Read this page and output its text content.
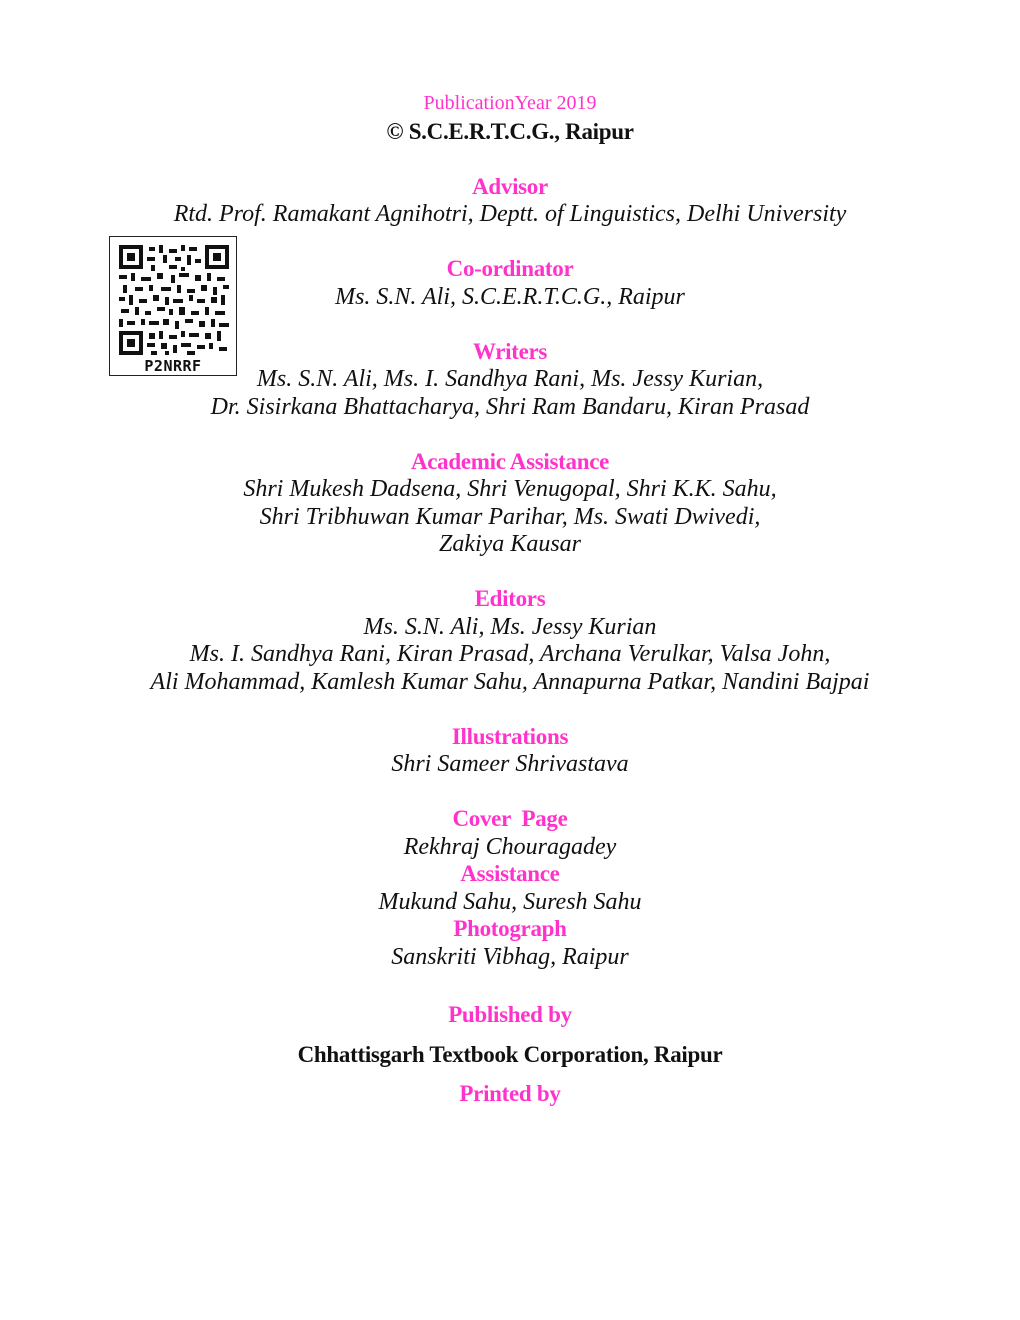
PublicationYear 2019
© S.C.E.R.T.C.G., Raipur
Advisor
Rtd. Prof. Ramakant Agnihotri, Deptt. of Linguistics, Delhi University
P2NRRF
Co-ordinator
Ms. S.N. Ali, S.C.E.R.T.C.G., Raipur
Writers
Ms. S.N. Ali, Ms. I. Sandhya Rani, Ms. Jessy Kurian,
Dr. Sisirkana Bhattacharya, Shri Ram Bandaru, Kiran Prasad
Academic Assistance
Shri Mukesh Dadsena, Shri Venugopal, Shri K.K. Sahu,
Shri Tribhuwan Kumar Parihar, Ms. Swati Dwivedi,
Zakiya Kausar
Editors
Ms. S.N. Ali, Ms. Jessy Kurian
Ms. I. Sandhya Rani, Kiran Prasad, Archana Verulkar, Valsa John,
Ali Mohammad, Kamlesh Kumar Sahu, Annapurna Patkar, Nandini Bajpai
Illustrations
Shri Sameer Shrivastava
Cover  Page
Rekhraj Chouragadey
Assistance
Mukund Sahu, Suresh Sahu
Photograph
Sanskriti Vibhag, Raipur
Published by
Chhattisgarh Textbook Corporation, Raipur
Printed by
